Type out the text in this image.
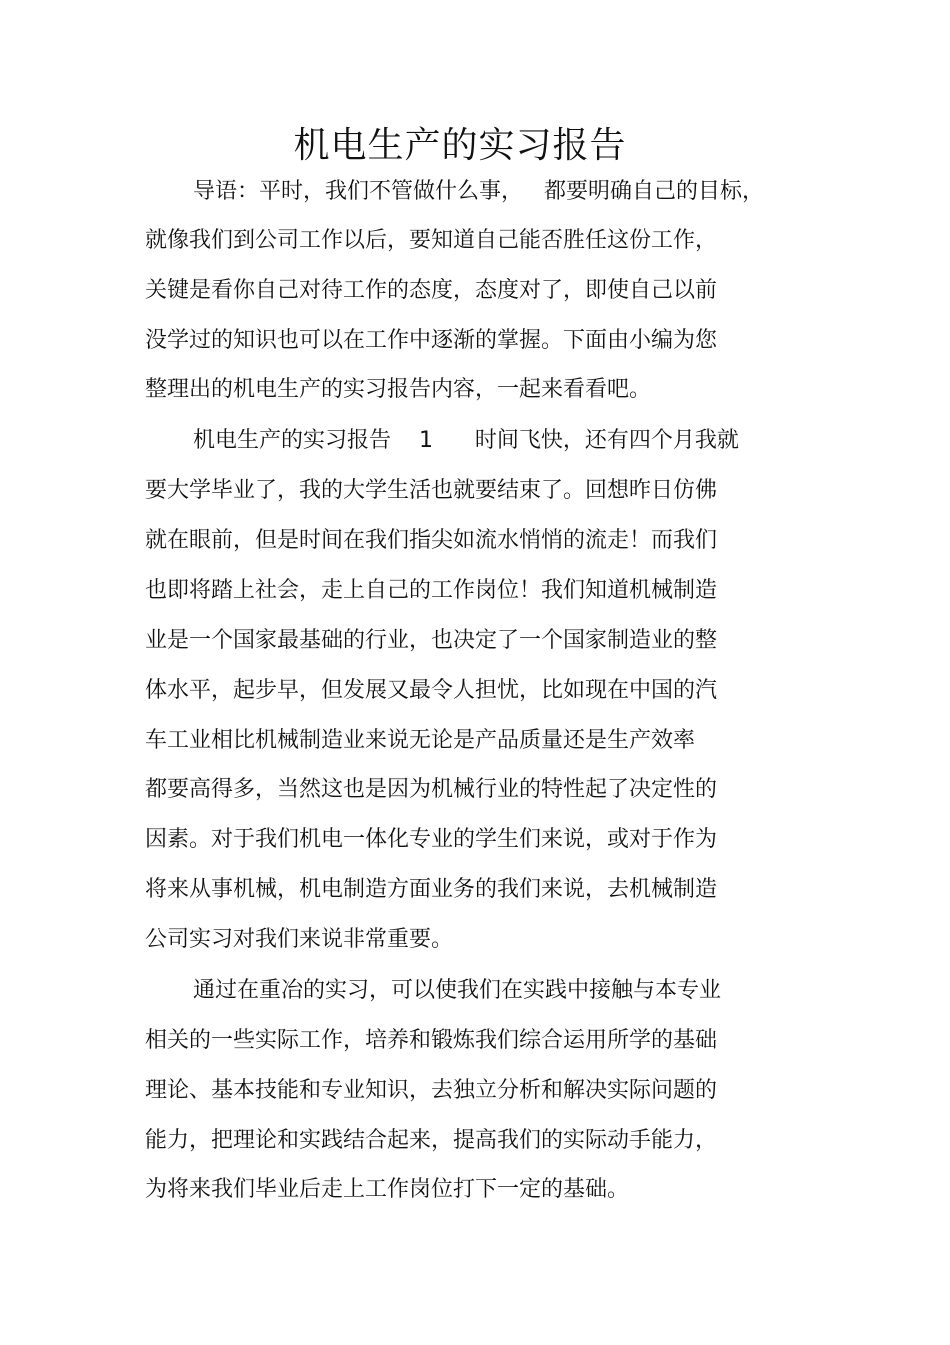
机电生产的实习报告

导语：平时，我们不管做什么事，   都要明确自己的目标，

就像我们到公司工作以后，要知道自己能否胜任这份工作，

关键是看你自己对待工作的态度，态度对了，即使自己以前

没学过的知识也可以在工作中逐渐的掌握。下面由小编为您

整理出的机电生产的实习报告内容，一起来看看吧。

机电生产的实习报告    1      时间飞快，还有四个月我就

要大学毕业了，我的大学生活也就要结束了。回想昨日仿佛

就在眼前，但是时间在我们指尖如流水悄悄的流走！而我们

也即将踏上社会，走上自己的工作岗位！我们知道机械制造

业是一个国家最基础的行业，也决定了一个国家制造业的整

体水平，起步早，但发展又最令人担忧，比如现在中国的汽

车工业相比机械制造业来说无论是产品质量还是生产效率

都要高得多，当然这也是因为机械行业的特性起了决定性的

因素。对于我们机电一体化专业的学生们来说，或对于作为

将来从事机械，机电制造方面业务的我们来说，去机械制造

公司实习对我们来说非常重要。

通过在重冶的实习，可以使我们在实践中接触与本专业

相关的一些实际工作，培养和锻炼我们综合运用所学的基础

理论、基本技能和专业知识，去独立分析和解决实际问题的

能力，把理论和实践结合起来，提高我们的实际动手能力，

为将来我们毕业后走上工作岗位打下一定的基础。
